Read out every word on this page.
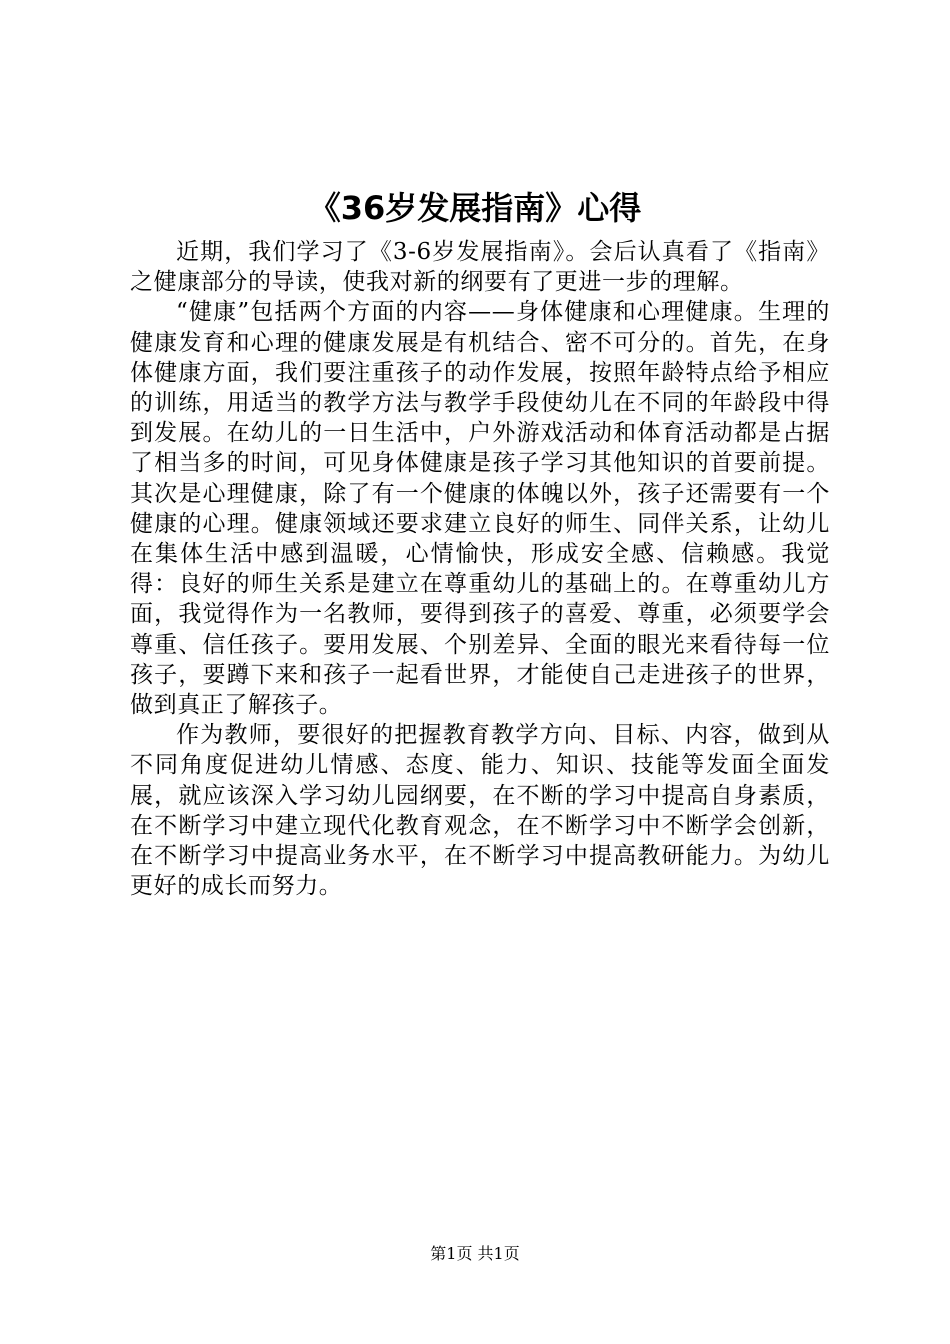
《36岁发展指南》心得

近期，我们学习了《3-6岁发展指南》。会后认真看了《指南》之健康部分的导读，使我对新的纲要有了更进一步的理解。

“健康”包括两个方面的内容——身体健康和心理健康。生理的健康发育和心理的健康发展是有机结合、密不可分的。首先，在身体健康方面，我们要注重孩子的动作发展，按照年龄特点给予相应的训练，用适当的教学方法与教学手段使幼儿在不同的年龄段中得到发展。在幼儿的一日生活中，户外游戏活动和体育活动都是占据了相当多的时间，可见身体健康是孩子学习其他知识的首要前提。其次是心理健康，除了有一个健康的体魄以外，孩子还需要有一个健康的心理。健康领域还要求建立良好的师生、同伴关系，让幼儿在集体生活中感到温暖，心情愉快，形成安全感、信赖感。我觉得：良好的师生关系是建立在尊重幼儿的基础上的。在尊重幼儿方面，我觉得作为一名教师，要得到孩子的喜爱、尊重，必须要学会尊重、信任孩子。要用发展、个别差异、全面的眼光来看待每一位孩子，要蹲下来和孩子一起看世界，才能使自己走进孩子的世界，做到真正了解孩子。

作为教师，要很好的把握教育教学方向、目标、内容，做到从不同角度促进幼儿情感、态度、能力、知识、技能等发面全面发展，就应该深入学习幼儿园纲要，在不断的学习中提高自身素质，在不断学习中建立现代化教育观念，在不断学习中不断学会创新，在不断学习中提高业务水平，在不断学习中提高教研能力。为幼儿更好的成长而努力。

第1页 共1页
